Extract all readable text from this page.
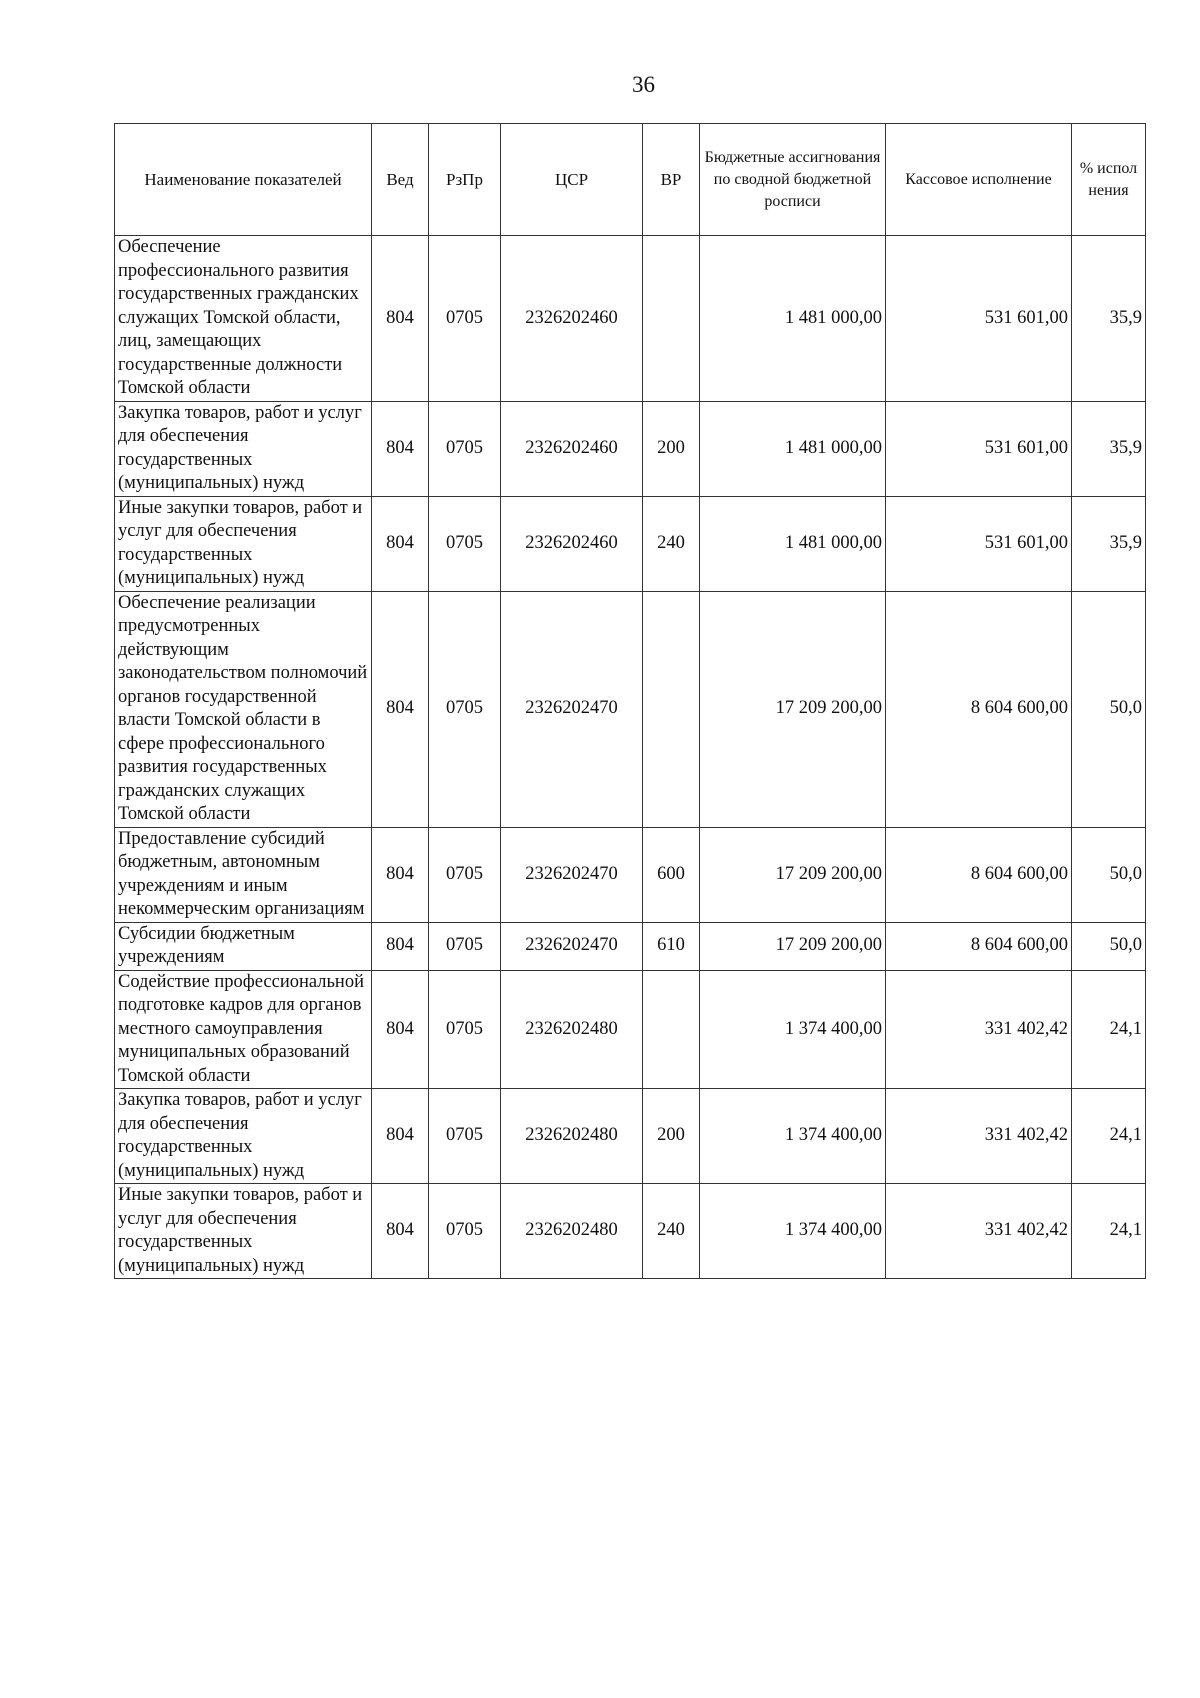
36
Наименование показателей	Вед	РзПр	ЦСР	ВР	Бюджетные ассигнования по сводной бюджетной росписи	Кассовое исполнение	% испол нения
Обеспечение профессионального развития государственных гражданских служащих Томской области, лиц, замещающих государственные должности Томской области	804	0705	2326202460		1 481 000,00	531 601,00	35,9
Закупка товаров, работ и услуг для обеспечения государственных (муниципальных) нужд	804	0705	2326202460	200	1 481 000,00	531 601,00	35,9
Иные закупки товаров, работ и услуг для обеспечения государственных (муниципальных) нужд	804	0705	2326202460	240	1 481 000,00	531 601,00	35,9
Обеспечение реализации предусмотренных действующим законодательством полномочий органов государственной власти Томской области в сфере профессионального развития государственных гражданских служащих Томской области	804	0705	2326202470		17 209 200,00	8 604 600,00	50,0
Предоставление субсидий бюджетным, автономным учреждениям и иным некоммерческим организациям	804	0705	2326202470	600	17 209 200,00	8 604 600,00	50,0
Субсидии бюджетным учреждениям	804	0705	2326202470	610	17 209 200,00	8 604 600,00	50,0
Содействие профессиональной подготовке кадров для органов местного самоуправления муниципальных образований Томской области	804	0705	2326202480		1 374 400,00	331 402,42	24,1
Закупка товаров, работ и услуг для обеспечения государственных (муниципальных) нужд	804	0705	2326202480	200	1 374 400,00	331 402,42	24,1
Иные закупки товаров, работ и услуг для обеспечения государственных (муниципальных) нужд	804	0705	2326202480	240	1 374 400,00	331 402,42	24,1
